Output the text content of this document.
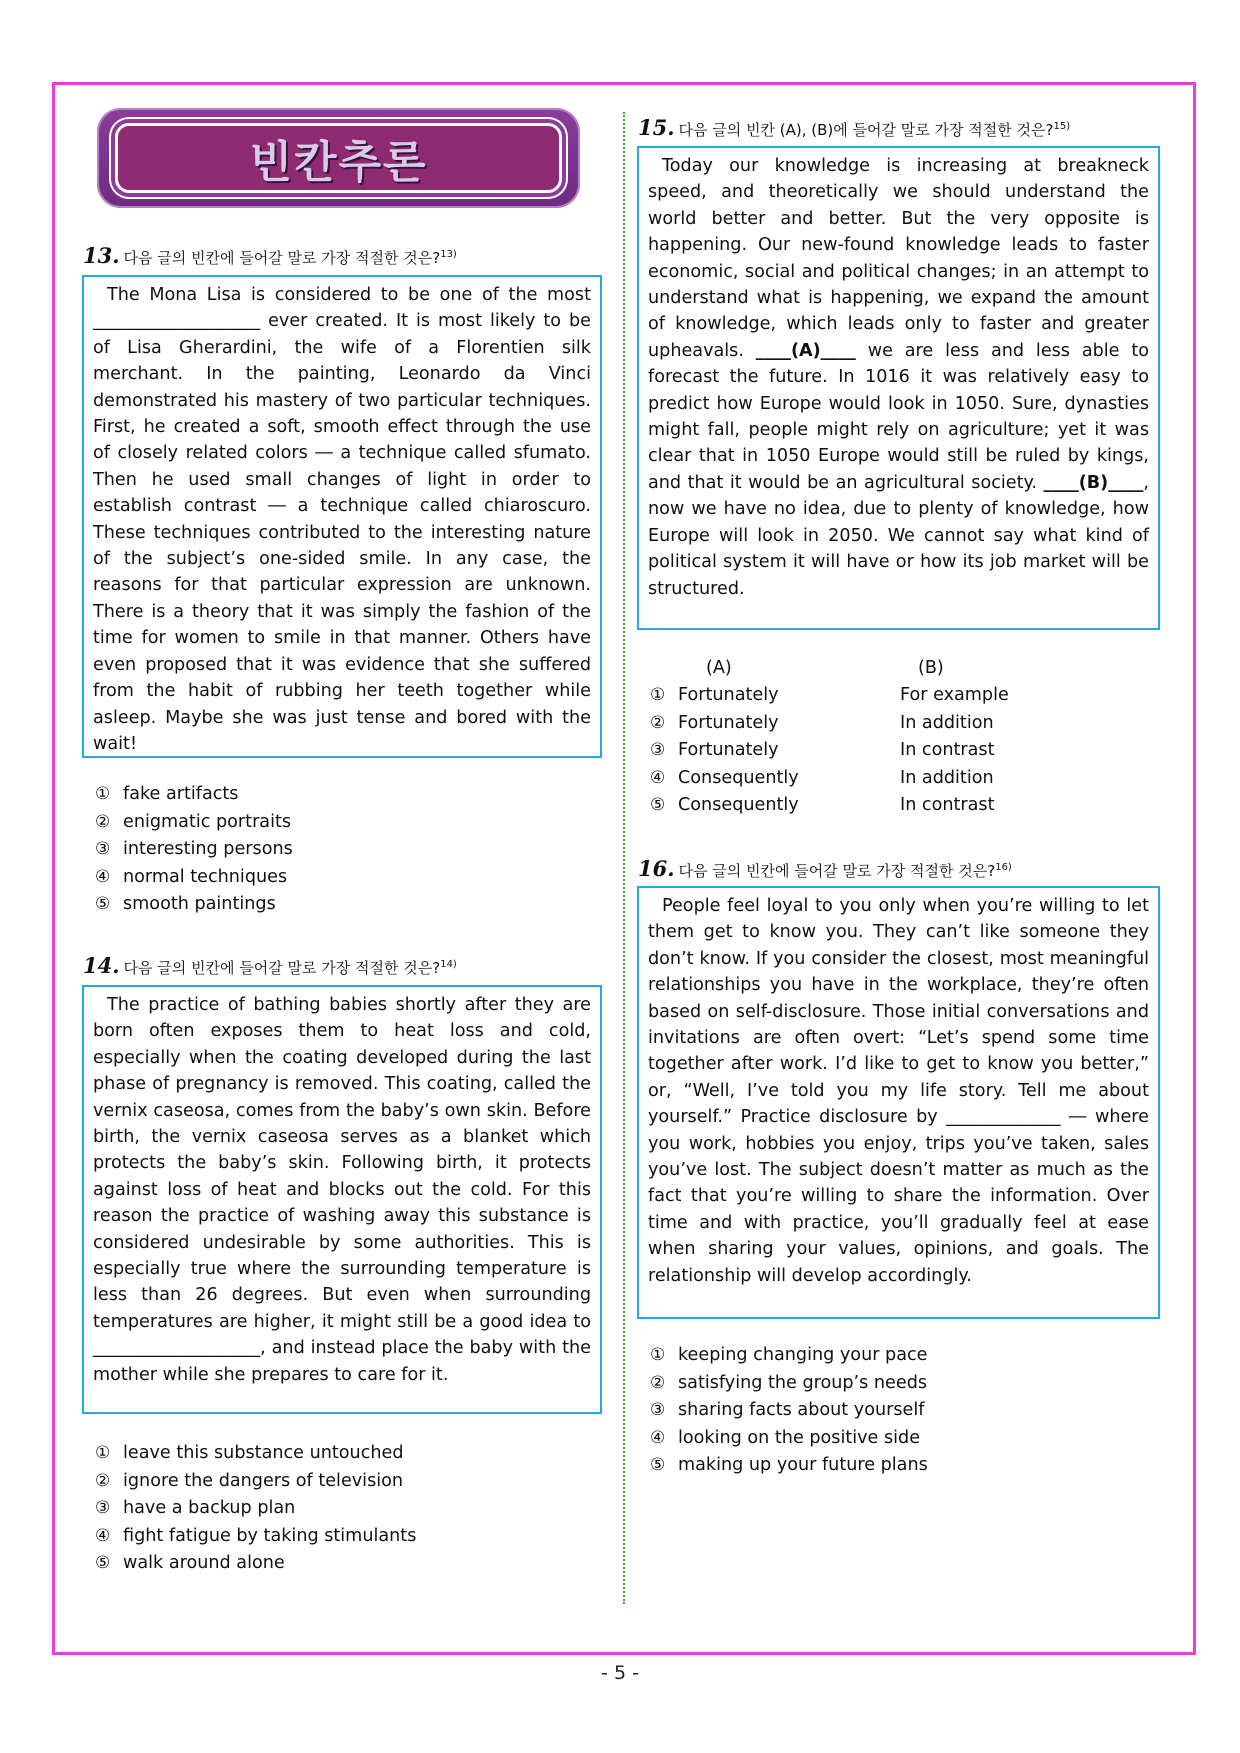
빈칸추론
13. 다음 글의 빈칸에 들어갈 말로 가장 적절한 것은?$^{13)}$
The Mona Lisa is considered to be one of the most ___________________ ever created. It is most likely to be of Lisa Gherardini, the wife of a Florentien silk merchant. In the painting, Leonardo da Vinci demonstrated his mastery of two particular techniques. First, he created a soft, smooth effect through the use of closely related colors ― a technique called sfumato. Then he used small changes of light in order to establish contrast ― a technique called chiaroscuro. These techniques contributed to the interesting nature of the subject’s one-sided smile. In any case, the reasons for that particular expression are unknown. There is a theory that it was simply the fashion of the time for women to smile in that manner. Others have even proposed that it was evidence that she suffered from the habit of rubbing her teeth together while asleep. Maybe she was just tense and bored with the wait!
① fake artifacts
② enigmatic portraits
③ interesting persons
④ normal techniques
⑤ smooth paintings
14. 다음 글의 빈칸에 들어갈 말로 가장 적절한 것은?$^{14)}$
The practice of bathing babies shortly after they are born often exposes them to heat loss and cold, especially when the coating developed during the last phase of pregnancy is removed. This coating, called the vernix caseosa, comes from the baby’s own skin. Before birth, the vernix caseosa serves as a blanket which protects the baby’s skin. Following birth, it protects against loss of heat and blocks out the cold. For this reason the practice of washing away this substance is considered undesirable by some authorities. This is especially true where the surrounding temperature is less than 26 degrees. But even when surrounding temperatures are higher, it might still be a good idea to ___________________, and instead place the baby with the mother while she prepares to care for it.
① leave this substance untouched
② ignore the dangers of television
③ have a backup plan
④ fight fatigue by taking stimulants
⑤ walk around alone
15. 다음 글의 빈칸 (A), (B)에 들어갈 말로 가장 적절한 것은?$^{15)}$
Today our knowledge is increasing at breakneck speed, and theoretically we should understand the world better and better. But the very opposite is happening. Our new-found knowledge leads to faster economic, social and political changes; in an attempt to understand what is happening, we expand the amount of knowledge, which leads only to faster and greater upheavals. ____(A)____ we are less and less able to forecast the future. In 1016 it was relatively easy to predict how Europe would look in 1050. Sure, dynasties might fall, people might rely on agriculture; yet it was clear that in 1050 Europe would still be ruled by kings, and that it would be an agricultural society. ____(B)____, now we have no idea, due to plenty of knowledge, how Europe will look in 2050. We cannot say what kind of political system it will have or how its job market will be structured.
(A)	(B)
① Fortunately	For example
② Fortunately	In addition
③ Fortunately	In contrast
④ Consequently	In addition
⑤ Consequently	In contrast
16. 다음 글의 빈칸에 들어갈 말로 가장 적절한 것은?$^{16)}$
People feel loyal to you only when you’re willing to let them get to know you. They can’t like someone they don’t know. If you consider the closest, most meaningful relationships you have in the workplace, they’re often based on self-disclosure. Those initial conversations and invitations are often overt: “Let’s spend some time together after work. I’d like to get to know you better,” or, “Well, I’ve told you my life story. Tell me about yourself.” Practice disclosure by _____________ ― where you work, hobbies you enjoy, trips you’ve taken, sales you’ve lost. The subject doesn’t matter as much as the fact that you’re willing to share the information. Over time and with practice, you’ll gradually feel at ease when sharing your values, opinions, and goals. The relationship will develop accordingly.
① keeping changing your pace
② satisfying the group’s needs
③ sharing facts about yourself
④ looking on the positive side
⑤ making up your future plans
- 5 -
